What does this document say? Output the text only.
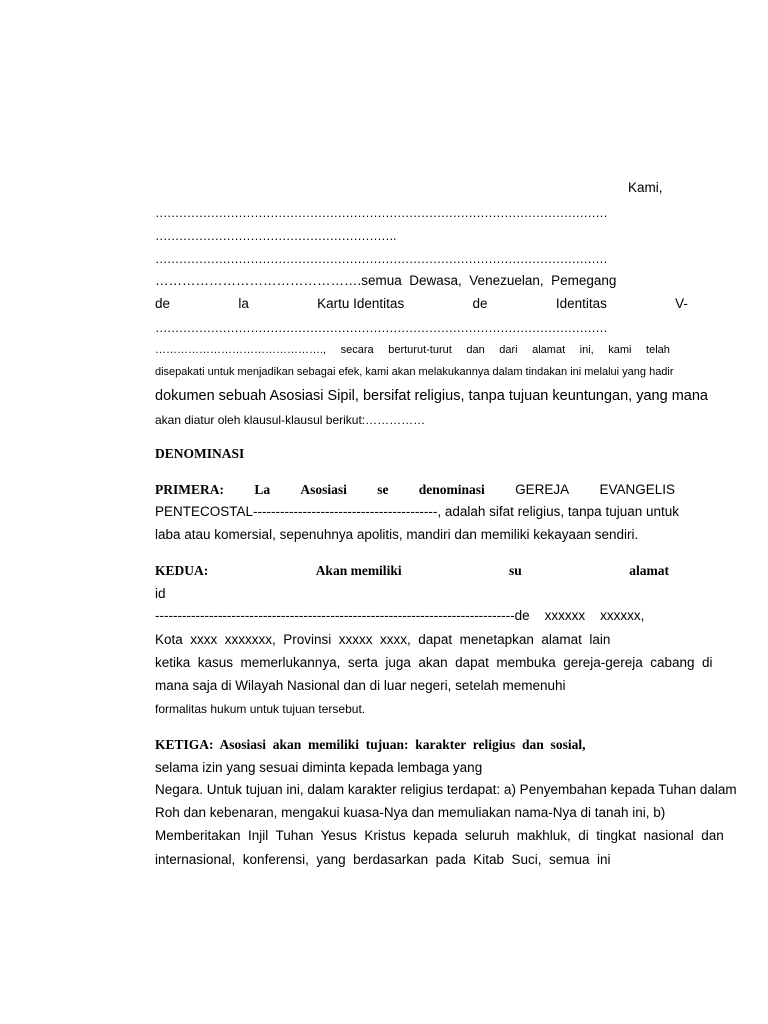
Kami,
……………………………………………………………………………………………………
…………………………………………………….
……………………………………………………………………………………………………
……………………………………….semua  Dewasa,  Venezuelan,  Pemegang
de	la	Kartu Identitas	de	Identitas	V-
……………………………………………………………………………………………………
………………………………………., secara berturut-turut dan dari alamat ini, kami telah
disepakati untuk menjadikan sebagai efek, kami akan melakukannya dalam tindakan ini melalui yang hadir
dokumen sebuah Asosiasi Sipil, bersifat religius, tanpa tujuan keuntungan, yang mana
akan diatur oleh klausul-klausul berikut:……………
DENOMINASI
PRIMERA: La Asosiasi se denominasi GEREJA EVANGELIS
PENTECOSTAL-----------------------------------------, adalah sifat religius, tanpa tujuan untuk
laba atau komersial, sepenuhnya apolitis, mandiri dan memiliki kekayaan sendiri.
KEDUA:	Akan memiliki	su	alamat
id
--------------------------------------------------------------------------------de    xxxxxx    xxxxxx,
Kota  xxxx  xxxxxxx,  Provinsi  xxxxx  xxxx,  dapat  menetapkan  alamat  lain
ketika  kasus  memerlukannya,  serta  juga  akan  dapat  membuka  gereja-gereja  cabang  di
mana saja di Wilayah Nasional dan di luar negeri, setelah memenuhi
formalitas hukum untuk tujuan tersebut.
KETIGA:  Asosiasi  akan  memiliki  tujuan:  karakter  religius  dan  sosial,
selama izin yang sesuai diminta kepada lembaga yang
Negara. Untuk tujuan ini, dalam karakter religius terdapat: a) Penyembahan kepada Tuhan dalam
Roh dan kebenaran, mengakui kuasa-Nya dan memuliakan nama-Nya di tanah ini, b)
Memberitakan  Injil  Tuhan  Yesus  Kristus  kepada  seluruh  makhluk,  di  tingkat  nasional  dan
internasional,  konferensi,  yang  berdasarkan  pada  Kitab  Suci,  semua  ini
